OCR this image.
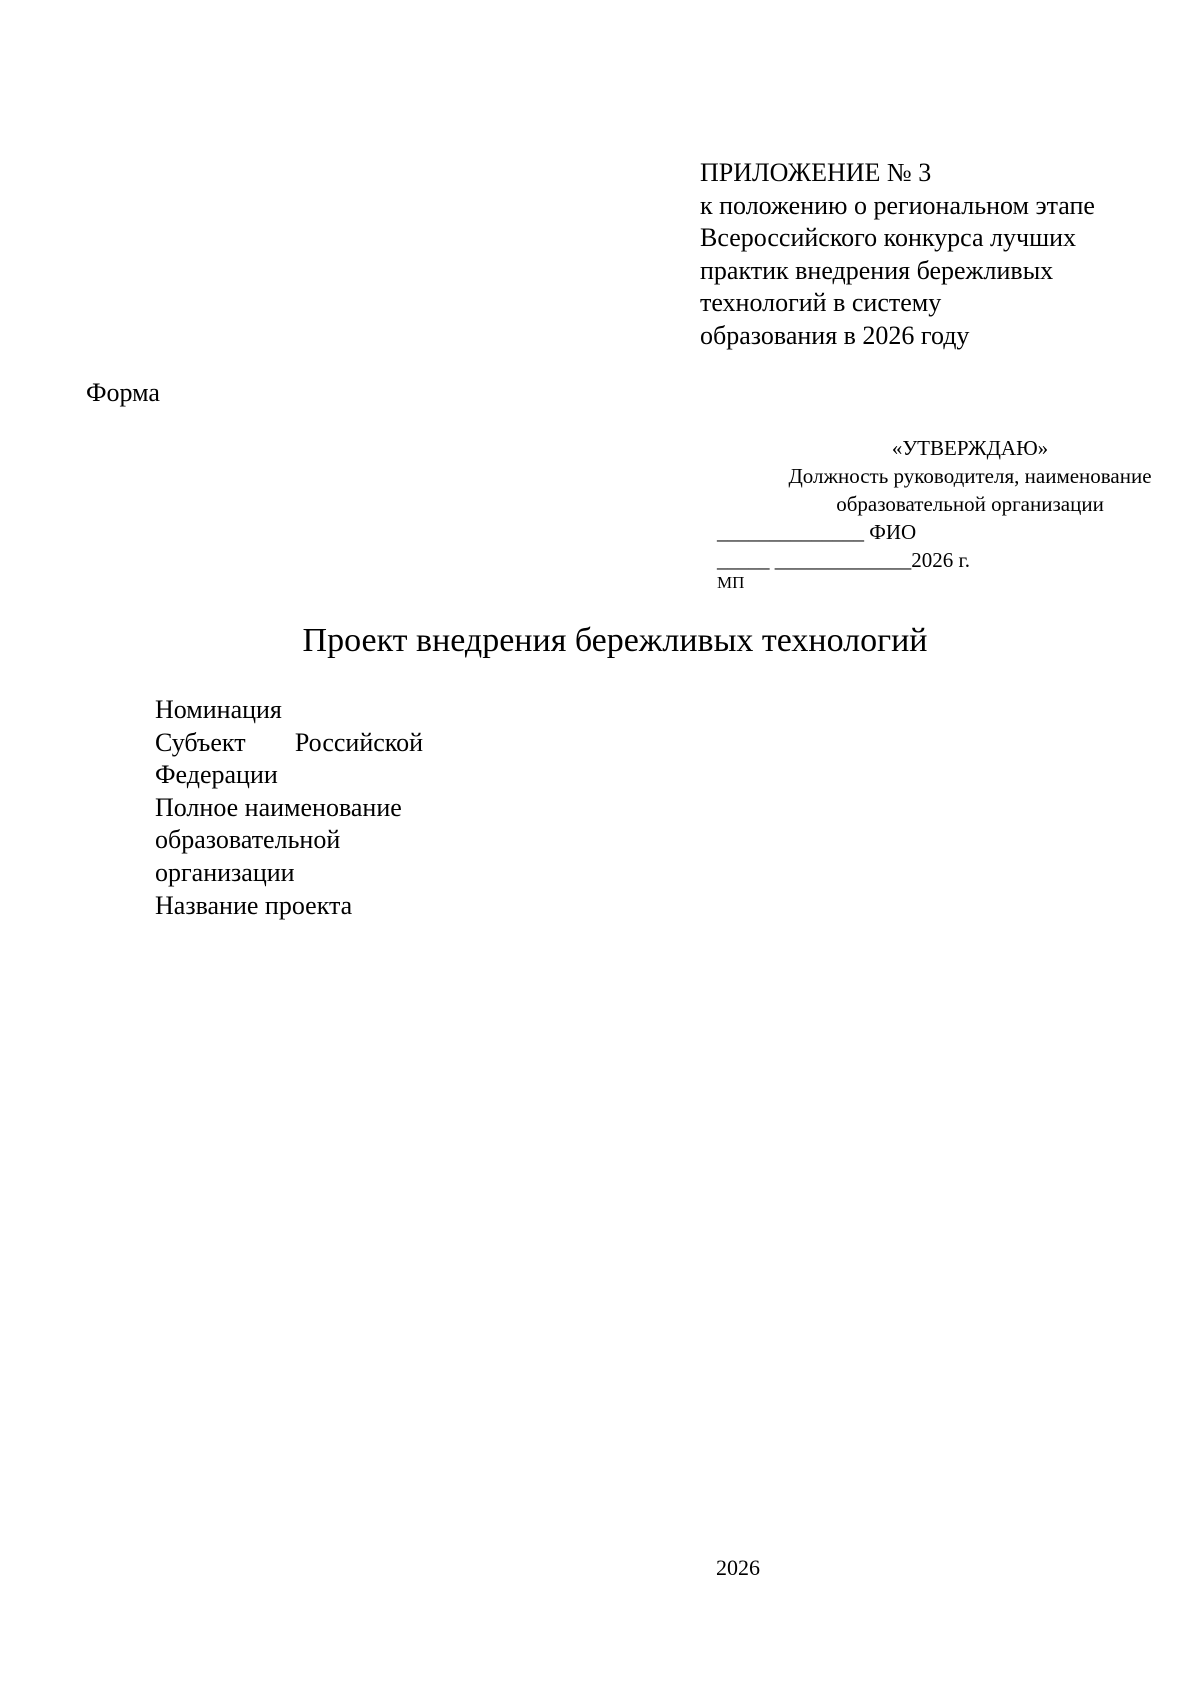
ПРИЛОЖЕНИЕ № 3
к положению о региональном этапе
Всероссийского конкурса лучших
практик внедрения бережливых
технологий в систему
образования в 2026 году
Форма
«УТВЕРЖДАЮ»
Должность руководителя, наименование
образовательной организации
______________ ФИО
_____ _____________2026 г.
МП
Проект внедрения бережливых технологий
Номинация
Субъект Российской
Федерации
Полное наименование
образовательной
организации
Название проекта
2026
